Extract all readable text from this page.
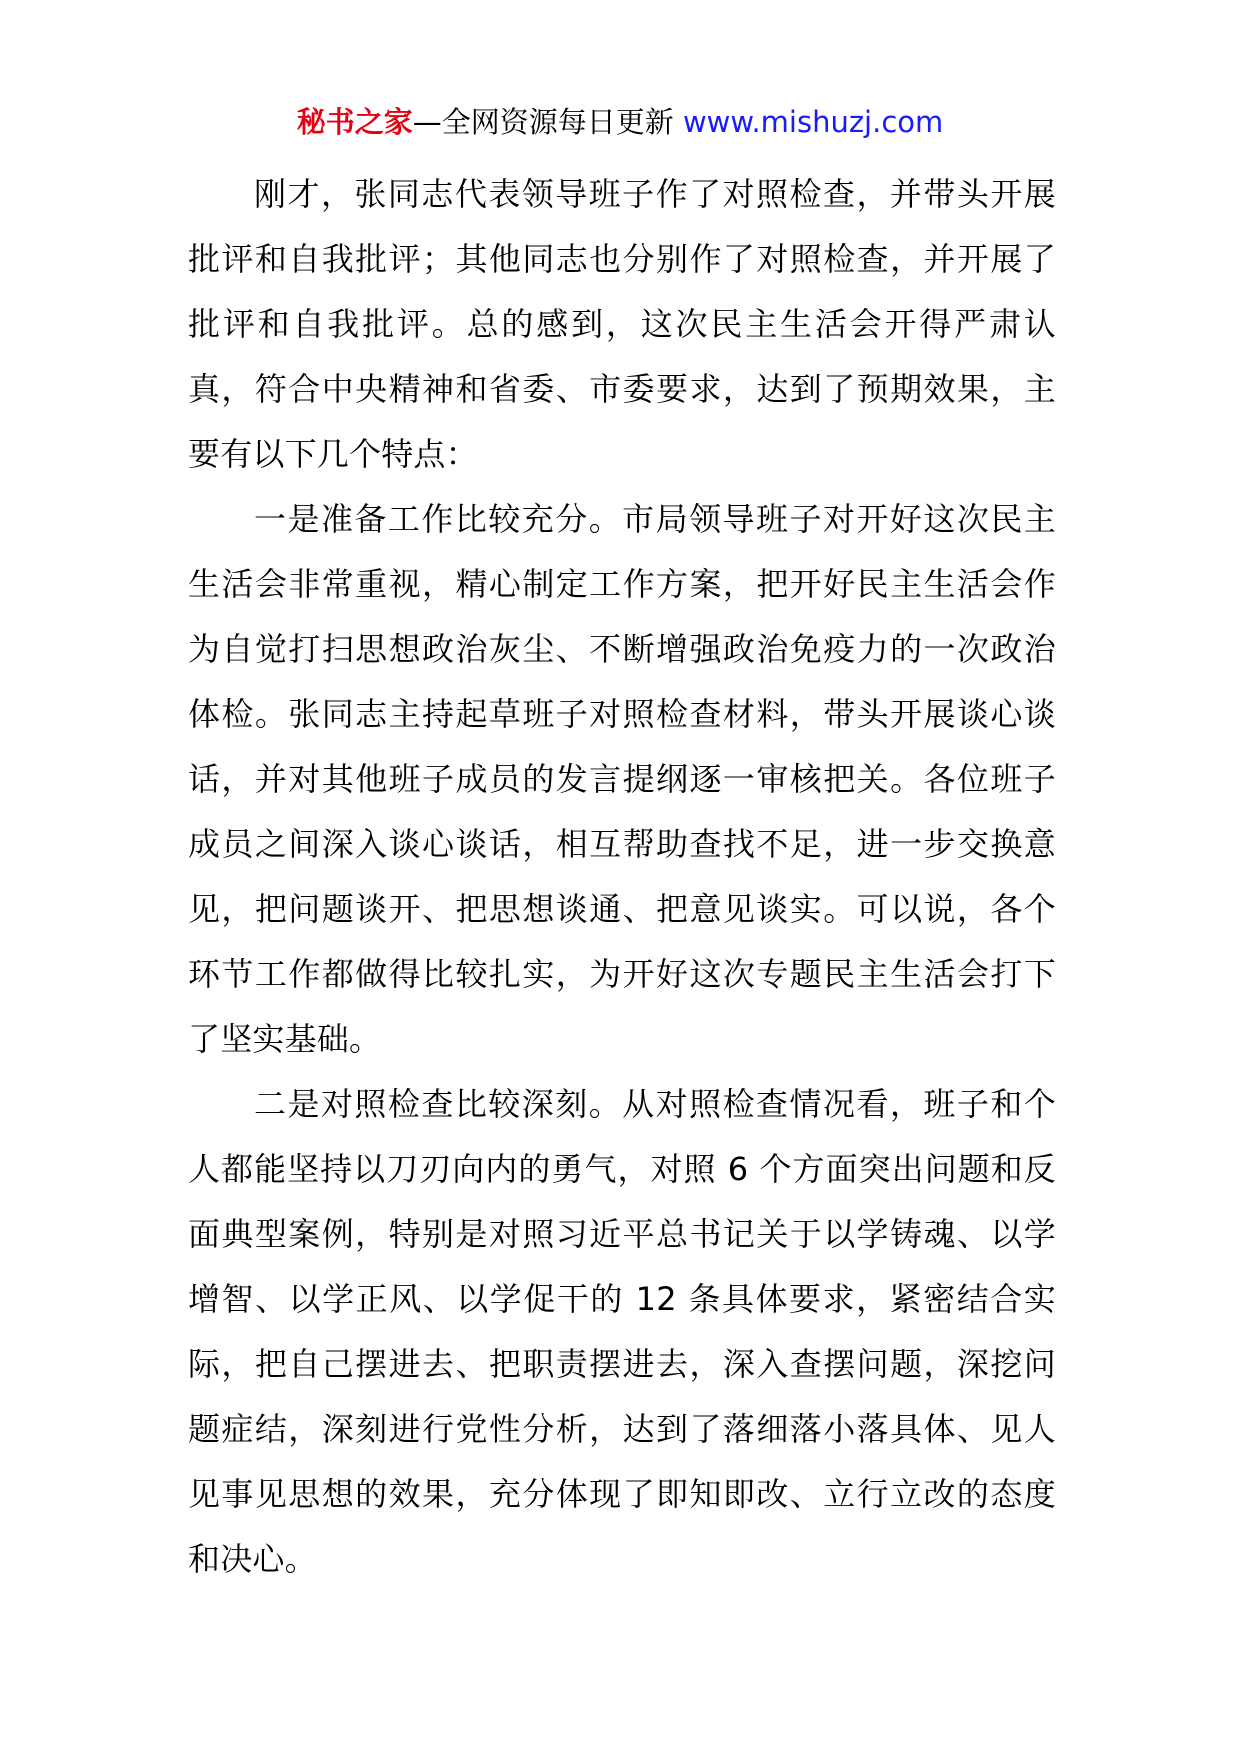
秘书之家—全网资源每日更新 www.mishuzj.com

刚才，张同志代表领导班子作了对照检查，并带头开展批评和自我批评；其他同志也分别作了对照检查，并开展了批评和自我批评。总的感到，这次民主生活会开得严肃认真，符合中央精神和省委、市委要求，达到了预期效果，主要有以下几个特点：

一是准备工作比较充分。市局领导班子对开好这次民主生活会非常重视，精心制定工作方案，把开好民主生活会作为自觉打扫思想政治灰尘、不断增强政治免疫力的一次政治体检。张同志主持起草班子对照检查材料，带头开展谈心谈话，并对其他班子成员的发言提纲逐一审核把关。各位班子成员之间深入谈心谈话，相互帮助查找不足，进一步交换意见，把问题谈开、把思想谈通、把意见谈实。可以说，各个环节工作都做得比较扎实，为开好这次专题民主生活会打下了坚实基础。

二是对照检查比较深刻。从对照检查情况看，班子和个人都能坚持以刀刃向内的勇气，对照 6 个方面突出问题和反面典型案例，特别是对照习近平总书记关于以学铸魂、以学增智、以学正风、以学促干的 12 条具体要求，紧密结合实际，把自己摆进去、把职责摆进去，深入查摆问题，深挖问题症结，深刻进行党性分析，达到了落细落小落具体、见人见事见思想的效果，充分体现了即知即改、立行立改的态度和决心。
